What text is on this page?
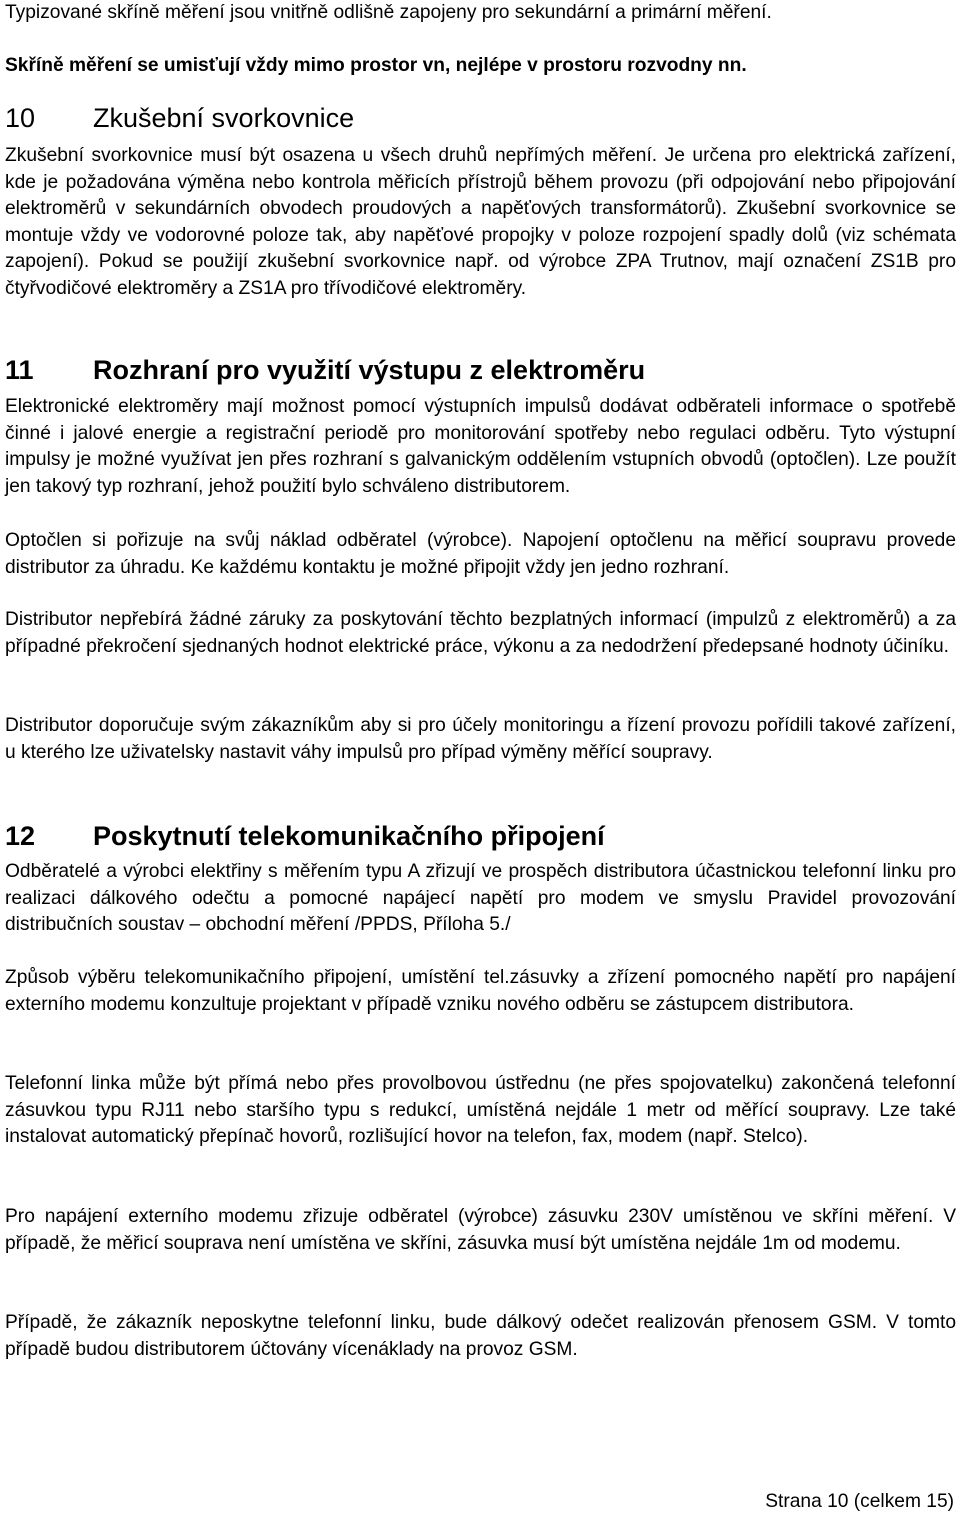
Typizované skříně měření jsou vnitřně odlišně zapojeny pro sekundární a primární měření.

Skříně měření se umisťují vždy mimo prostor vn, nejlépe v prostoru rozvodny nn.

10 Zkušební svorkovnice

Zkušební svorkovnice musí být osazena u všech druhů nepřímých měření. Je určena pro elektrická zařízení, kde je požadována výměna nebo kontrola měřicích přístrojů během provozu (při odpojování nebo připojování elektroměrů v sekundárních obvodech proudových a napěťových transformátorů). Zkušební svorkovnice se montuje vždy ve vodorovné poloze tak, aby napěťové propojky v poloze rozpojení spadly dolů (viz schémata zapojení). Pokud se použijí zkušební svorkovnice např. od výrobce ZPA Trutnov, mají označení ZS1B pro čtyřvodičové elektroměry a ZS1A pro třívodičové elektroměry.

11 Rozhraní pro využití výstupu z elektroměru

Elektronické elektroměry mají možnost pomocí výstupních impulsů dodávat odběrateli informace o spotřebě činné i jalové energie a registrační periodě pro monitorování spotřeby nebo regulaci odběru. Tyto výstupní impulsy je možné využívat jen přes rozhraní s galvanickým oddělením vstupních obvodů (optočlen). Lze použít jen takový typ rozhraní, jehož použití bylo schváleno distributorem.

Optočlen si pořizuje na svůj náklad odběratel (výrobce). Napojení optočlenu na měřicí soupravu provede distributor za úhradu. Ke každému kontaktu je možné připojit vždy jen jedno rozhraní.

Distributor nepřebírá žádné záruky za poskytování těchto bezplatných informací (impulzů z elektroměrů) a za případné překročení sjednaných hodnot elektrické práce, výkonu a za nedodržení předepsané hodnoty účiníku.

Distributor doporučuje svým zákazníkům aby si pro účely monitoringu a řízení provozu pořídili takové zařízení, u kterého lze uživatelsky nastavit váhy impulsů pro případ výměny měřící soupravy.

12 Poskytnutí telekomunikačního připojení

Odběratelé a výrobci elektřiny s měřením typu A zřizují ve prospěch distributora účastnickou telefonní linku pro realizaci dálkového odečtu a pomocné napájecí napětí pro modem ve smyslu Pravidel provozování distribučních soustav – obchodní měření /PPDS, Příloha 5./

Způsob výběru telekomunikačního připojení, umístění tel.zásuvky a zřízení pomocného napětí pro napájení externího modemu konzultuje projektant v případě vzniku nového odběru se zástupcem distributora.

Telefonní linka může být přímá nebo přes provolbovou ústřednu (ne přes spojovatelku) zakončená telefonní zásuvkou typu RJ11 nebo staršího typu s redukcí, umístěná nejdále 1 metr od měřící soupravy. Lze také instalovat automatický přepínač hovorů, rozlišující hovor na telefon, fax, modem (např. Stelco).

Pro napájení externího modemu zřizuje odběratel (výrobce) zásuvku 230V umístěnou ve skříni měření. V případě, že měřicí souprava není umístěna ve skříni, zásuvka musí být umístěna nejdále 1m od modemu.

Případě, že zákazník neposkytne telefonní linku, bude dálkový odečet realizován přenosem GSM. V tomto případě budou distributorem účtovány vícenáklady na provoz GSM.

Strana 10 (celkem 15)
